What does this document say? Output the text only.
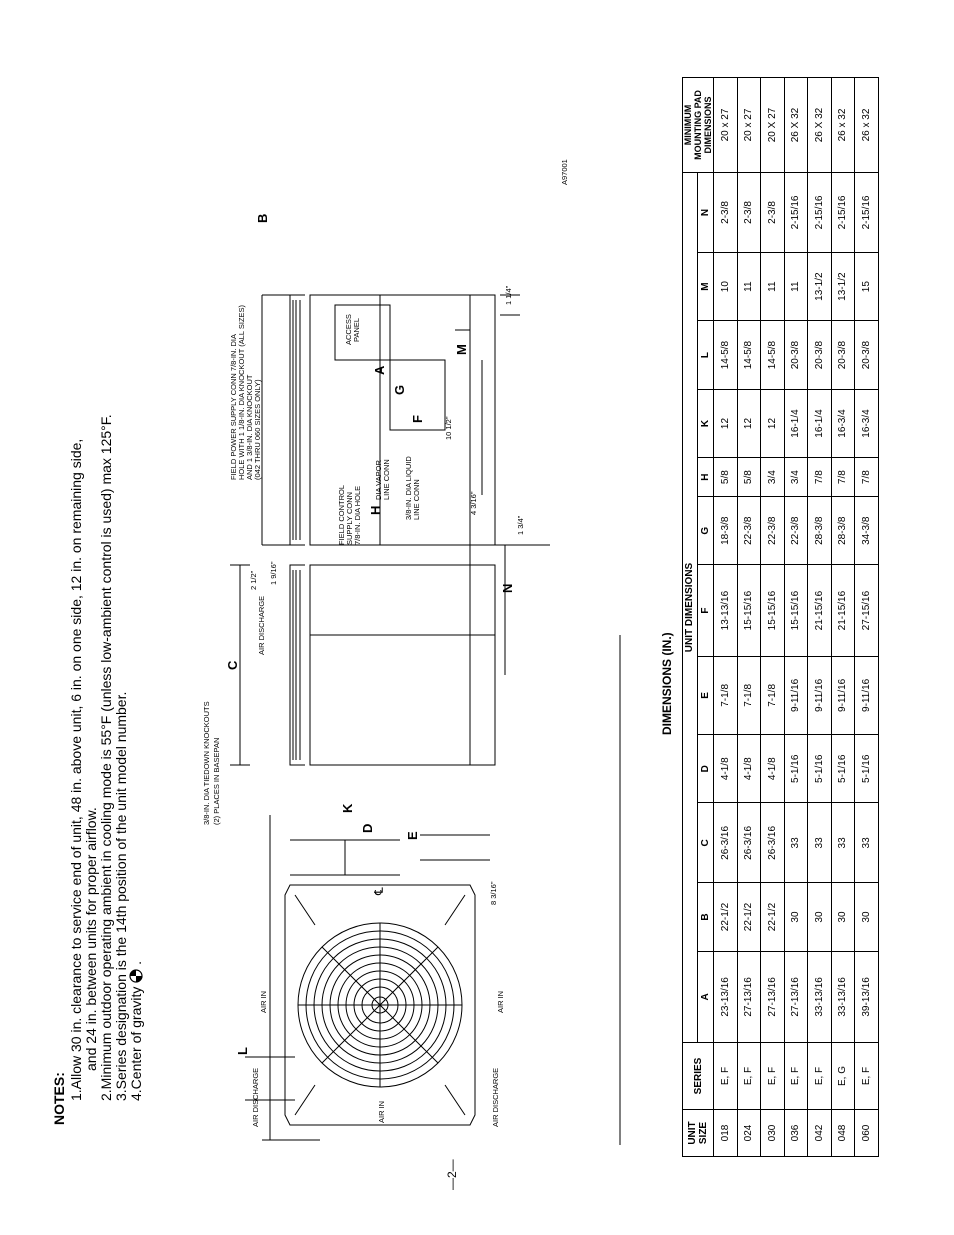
NOTES: 1.Allow 30 in. clearance to service end of unit, 48 in. above unit, 6 in. on one side, 12 in. on remaining side, and 24 in. between units for proper airflow. 2.Minimum outdoor operating ambient in cooling mode is 55°F (unless low-ambient control is used) max 125°F. 3.Series designation is the 14th position of the unit model number. 4.Center of gravity  .
AIR DISCHARGE	AIR IN
AIR IN	AIR IN
AIR DISCHARGE
℄	8 3/16"
3/8-IN. DIA TIEDOWN KNOCKOUTS (2) PLACES IN BASEPAN
L
K
D
E
AIR DISCHARGE
C
2 1/2" 1 9/16"
N
4 3/16"
1 3/4"
10 1/2"
H
F
G
A
M
B
1 1/4"
FIELD CONTROL SUPPLY CONN 7/8-IN. DIA HOLE
DIA VAPOR LINE CONN 3/8-IN. DIA LIQUID LINE CONN
FIELD POWER SUPPLY CONN 7/8-IN. DIA HOLE WITH 1 1/8-IN. DIA KNOCKOUT (ALL SIZES) AND 1 3/8-IN. DIA KNOCKOUT (042 THRU 060 SIZES ONLY)
ACCESS PANEL
A97001
DIMENSIONS (IN.)
UNIT SIZE	SERIES	UNIT DIMENSIONS												MINIMUM MOUNTING PAD DIMENSIONS
		A	B	C	D	E	F	G	H	K	L	M	N	
018	E, F	23-13/16	22-1/2	26-3/16	4-1/8	7-1/8	13-13/16	18-3/8	5/8	12	14-5/8	10	2-3/8	20 x 27
024	E, F	27-13/16	22-1/2	26-3/16	4-1/8	7-1/8	15-15/16	22-3/8	5/8	12	14-5/8	11	2-3/8	20 x 27
030	E, F	27-13/16	22-1/2	26-3/16	4-1/8	7-1/8	15-15/16	22-3/8	3/4	12	14-5/8	11	2-3/8	20 X 27
036	E, F	27-13/16	30	33	5-1/16	9-11/16	15-15/16	22-3/8	3/4	16-1/4	20-3/8	11	2-15/16	26 X 32
042	E, F	33-13/16	30	33	5-1/16	9-11/16	21-15/16	28-3/8	7/8	16-1/4	20-3/8	13-1/2	2-15/16	26 X 32
048	E, G	33-13/16	30	33	5-1/16	9-11/16	21-15/16	28-3/8	7/8	16-3/4	20-3/8	13-1/2	2-15/16	26 x 32
060	E, F	39-13/16	30	33	5-1/16	9-11/16	27-15/16	34-3/8	7/8	16-3/4	20-3/8	15	2-15/16	26 x 32
—2—
